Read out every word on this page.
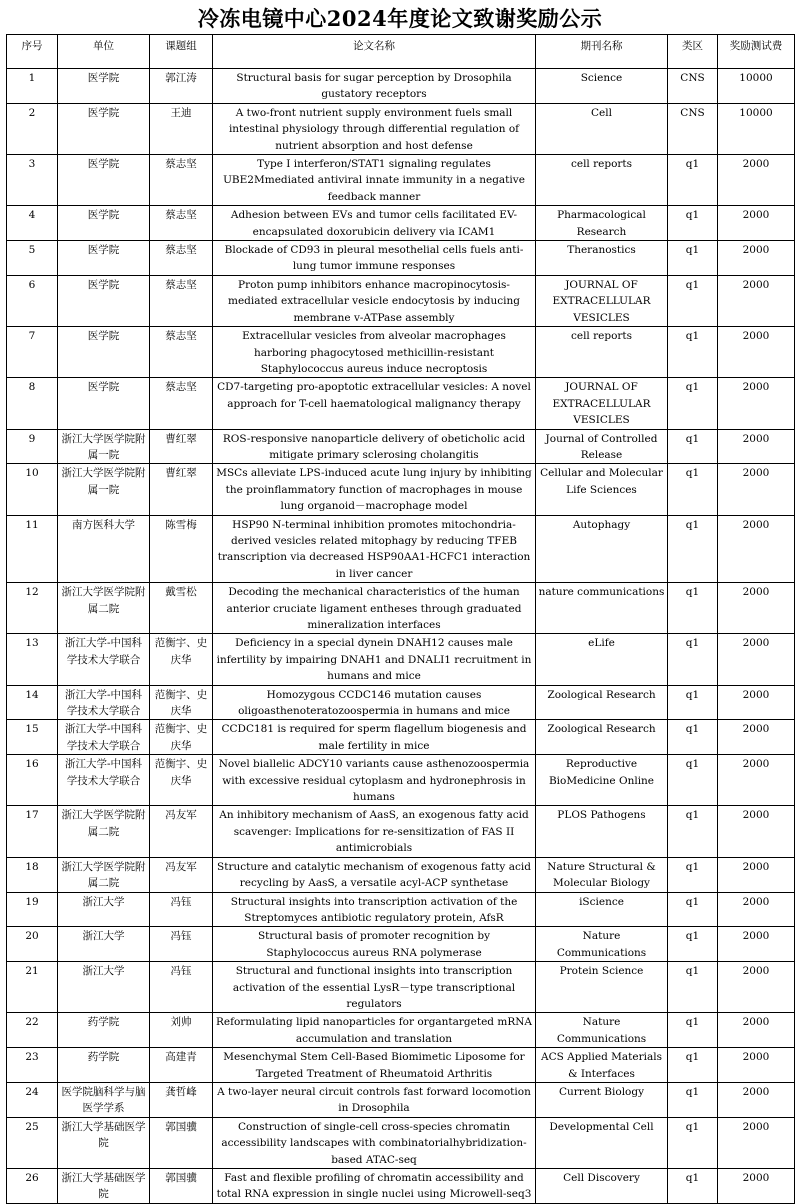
冷冻电镜中心2024年度论文致谢奖励公示
序号	单位	课题组	论文名称	期刊名称	类区	奖励测试费
1	医学院	郭江涛	Structural basis for sugar perception by Drosophila gustatory receptors	Science	CNS	10000
2	医学院	王迪	A two-front nutrient supply environment fuels small intestinal physiology through differential regulation of nutrient absorption and host defense	Cell	CNS	10000
3	医学院	蔡志坚	Type I interferon/STAT1 signaling regulates UBE2Mmediated antiviral innate immunity in a negative feedback manner	cell reports	q1	2000
4	医学院	蔡志坚	Adhesion between EVs and tumor cells facilitated EV-encapsulated doxorubicin delivery via ICAM1	Pharmacological Research	q1	2000
5	医学院	蔡志坚	Blockade of CD93 in pleural mesothelial cells fuels anti-lung tumor immune responses	Theranostics	q1	2000
6	医学院	蔡志坚	Proton pump inhibitors enhance macropinocytosis-mediated extracellular vesicle endocytosis by inducing membrane v-ATPase assembly	JOURNAL OF EXTRACELLULAR VESICLES	q1	2000
7	医学院	蔡志坚	Extracellular vesicles from alveolar macrophages harboring phagocytosed methicillin-resistant Staphylococcus aureus induce necroptosis	cell reports	q1	2000
8	医学院	蔡志坚	CD7-targeting pro-apoptotic extracellular vesicles: A novel approach for T-cell haematological malignancy therapy	JOURNAL OF EXTRACELLULAR VESICLES	q1	2000
9	浙江大学医学院附属一院	曹红翠	ROS-responsive nanoparticle delivery of obeticholic acid mitigate primary sclerosing cholangitis	Journal of Controlled Release	q1	2000
10	浙江大学医学院附属一院	曹红翠	MSCs alleviate LPS-induced acute lung injury by inhibiting the proinflammatory function of macrophages in mouse lung organoid－macrophage model	Cellular and Molecular Life Sciences	q1	2000
11	南方医科大学	陈雪梅	HSP90 N-terminal inhibition promotes mitochondria-derived vesicles related mitophagy by reducing TFEB transcription via decreased HSP90AA1-HCFC1 interaction in liver cancer	Autophagy	q1	2000
12	浙江大学医学院附属二院	戴雪松	Decoding the mechanical characteristics of the human anterior cruciate ligament entheses through graduated mineralization interfaces	nature communications	q1	2000
13	浙江大学-中国科学技术大学联合	范衡宇、史庆华	Deficiency in a special dynein DNAH12 causes male infertility by impairing DNAH1 and DNALI1 recruitment in humans and mice	eLife	q1	2000
14	浙江大学-中国科学技术大学联合	范衡宇、史庆华	Homozygous CCDC146 mutation causes oligoasthenoteratozoospermia in humans and mice	Zoological Research	q1	2000
15	浙江大学-中国科学技术大学联合	范衡宇、史庆华	CCDC181 is required for sperm flagellum biogenesis and male fertility in mice	Zoological Research	q1	2000
16	浙江大学-中国科学技术大学联合	范衡宇、史庆华	Novel biallelic ADCY10 variants cause asthenozoospermia with excessive residual cytoplasm and hydronephrosis in humans	Reproductive BioMedicine Online	q1	2000
17	浙江大学医学院附属二院	冯友军	An inhibitory mechanism of AasS, an exogenous fatty acid scavenger: Implications for re-sensitization of FAS II antimicrobials	PLOS Pathogens	q1	2000
18	浙江大学医学院附属二院	冯友军	Structure and catalytic mechanism of exogenous fatty acid recycling by AasS, a versatile acyl-ACP synthetase	Nature Structural & Molecular Biology	q1	2000
19	浙江大学	冯钰	Structural insights into transcription activation of the Streptomyces antibiotic regulatory protein, AfsR	iScience	q1	2000
20	浙江大学	冯钰	Structural basis of promoter recognition by Staphylococcus aureus RNA polymerase	Nature Communications	q1	2000
21	浙江大学	冯钰	Structural and functional insights into transcription activation of the essential LysR－type transcriptional regulators	Protein Science	q1	2000
22	药学院	刘帅	Reformulating lipid nanoparticles for organtargeted mRNA accumulation and translation	Nature Communications	q1	2000
23	药学院	高建青	Mesenchymal Stem Cell-Based Biomimetic Liposome for Targeted Treatment of Rheumatoid Arthritis	ACS Applied Materials & Interfaces	q1	2000
24	医学院脑科学与脑医学学系	龚哲峰	A two-layer neural circuit controls fast forward locomotion in Drosophila	Current Biology	q1	2000
25	浙江大学基础医学院	郭国骥	Construction of single-cell cross-species chromatin accessibility landscapes with combinatorialhybridization-based ATAC-seq	Developmental Cell	q1	2000
26	浙江大学基础医学院	郭国骥	Fast and flexible profiling of chromatin accessibility and total RNA expression in single nuclei using Microwell-seq3	Cell Discovery	q1	2000
